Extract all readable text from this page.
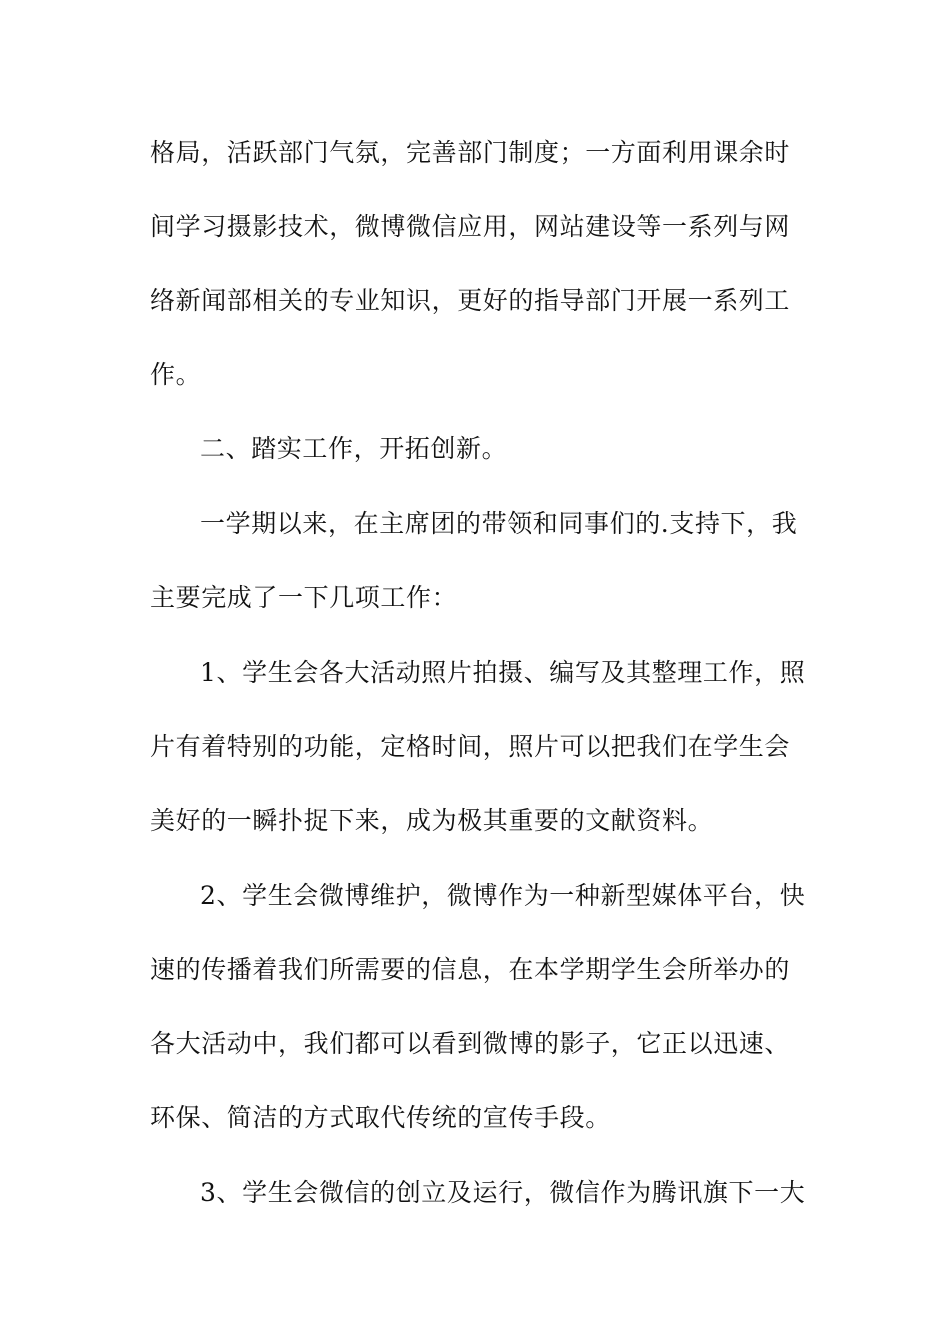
格局，活跃部门气氛，完善部门制度；一方面利用课余时
间学习摄影技术，微博微信应用，网站建设等一系列与网
络新闻部相关的专业知识，更好的指导部门开展一系列工
作。
二、踏实工作，开拓创新。
一学期以来，在主席团的带领和同事们的.支持下，我
主要完成了一下几项工作：
1、学生会各大活动照片拍摄、编写及其整理工作，照
片有着特别的功能，定格时间，照片可以把我们在学生会
美好的一瞬扑捉下来，成为极其重要的文献资料。
2、学生会微博维护，微博作为一种新型媒体平台，快
速的传播着我们所需要的信息，在本学期学生会所举办的
各大活动中，我们都可以看到微博的影子，它正以迅速、
环保、简洁的方式取代传统的宣传手段。
3、学生会微信的创立及运行，微信作为腾讯旗下一大
